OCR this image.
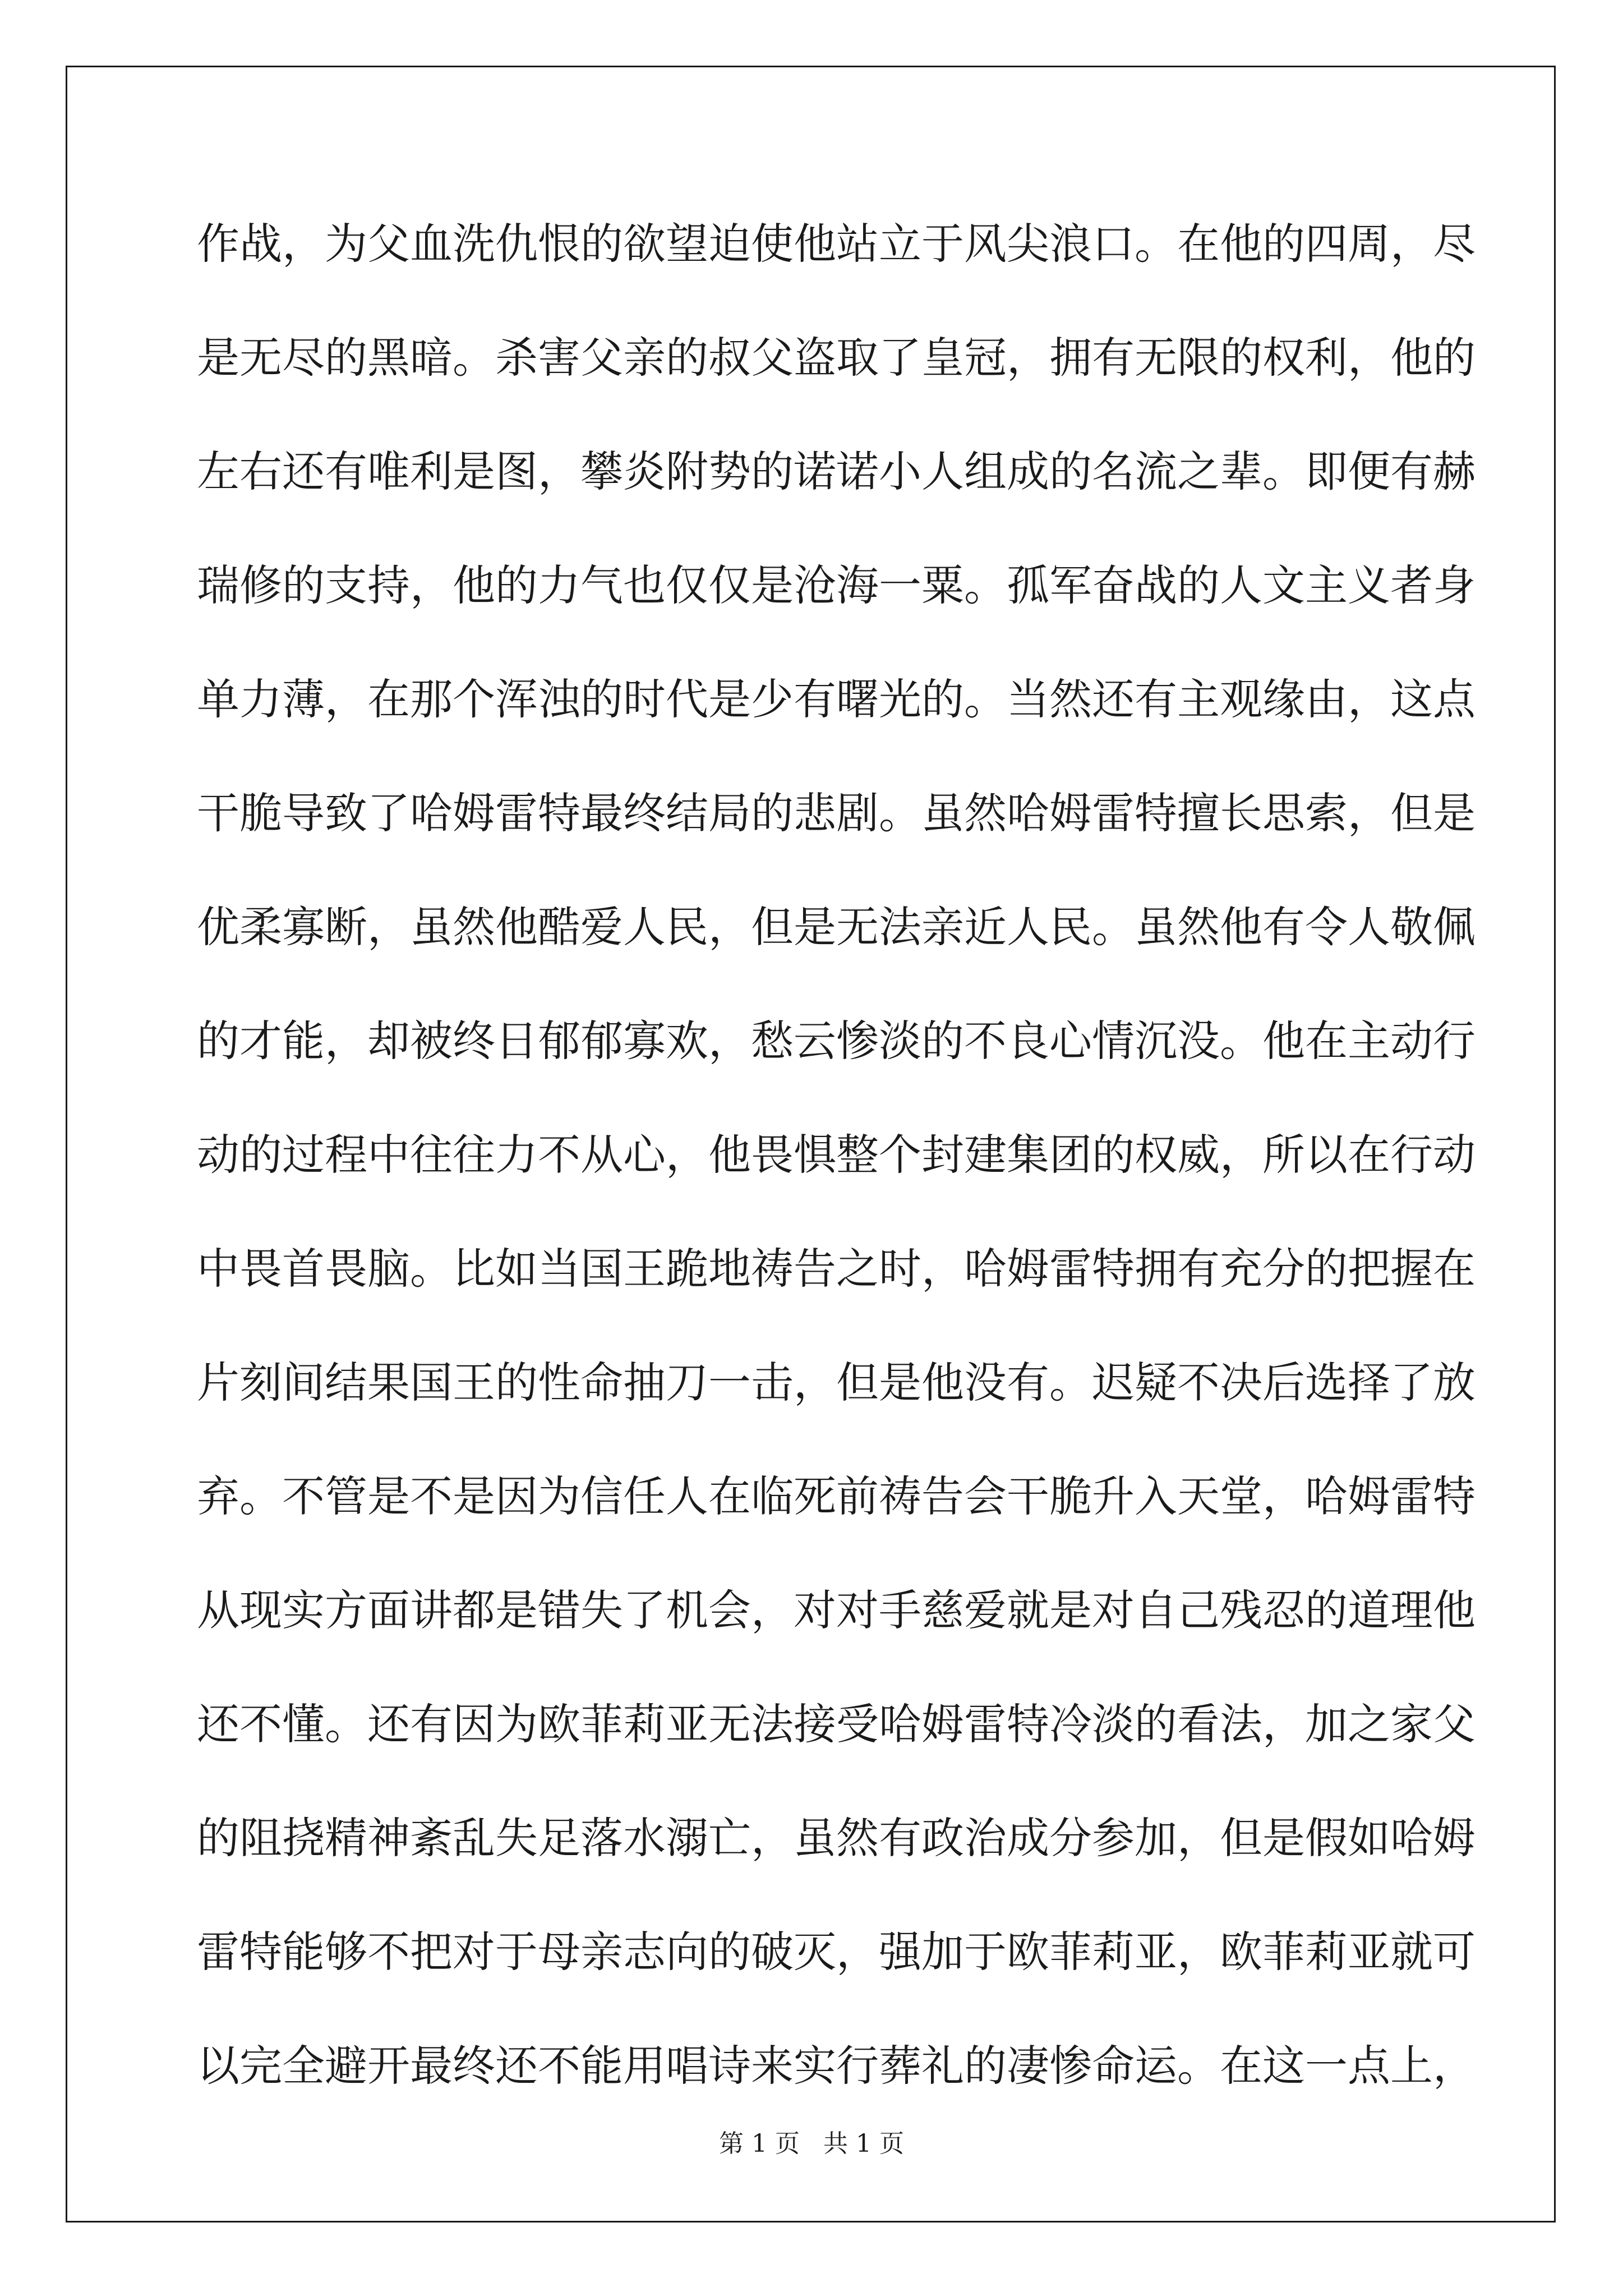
作战，为父血洗仇恨的欲望迫使他站立于风尖浪口。在他的四周，尽
是无尽的黑暗。杀害父亲的叔父盗取了皇冠，拥有无限的权利，他的
左右还有唯利是图，攀炎附势的诺诺小人组成的名流之辈。即便有赫
瑞修的支持，他的力气也仅仅是沧海一粟。孤军奋战的人文主义者身
单力薄，在那个浑浊的时代是少有曙光的。当然还有主观缘由，这点
干脆导致了哈姆雷特最终结局的悲剧。虽然哈姆雷特擅长思索，但是
优柔寡断，虽然他酷爱人民，但是无法亲近人民。虽然他有令人敬佩
的才能，却被终日郁郁寡欢，愁云惨淡的不良心情沉没。他在主动行
动的过程中往往力不从心，他畏惧整个封建集团的权威，所以在行动
中畏首畏脑。比如当国王跪地祷告之时，哈姆雷特拥有充分的把握在
片刻间结果国王的性命抽刀一击，但是他没有。迟疑不决后选择了放
弃。不管是不是因为信任人在临死前祷告会干脆升入天堂，哈姆雷特
从现实方面讲都是错失了机会，对对手慈爱就是对自己残忍的道理他
还不懂。还有因为欧菲莉亚无法接受哈姆雷特冷淡的看法，加之家父
的阻挠精神紊乱失足落水溺亡，虽然有政治成分参加，但是假如哈姆
雷特能够不把对于母亲志向的破灭，强加于欧菲莉亚，欧菲莉亚就可
以完全避开最终还不能用唱诗来实行葬礼的凄惨命运。在这一点上，
第 1 页   共 1 页
